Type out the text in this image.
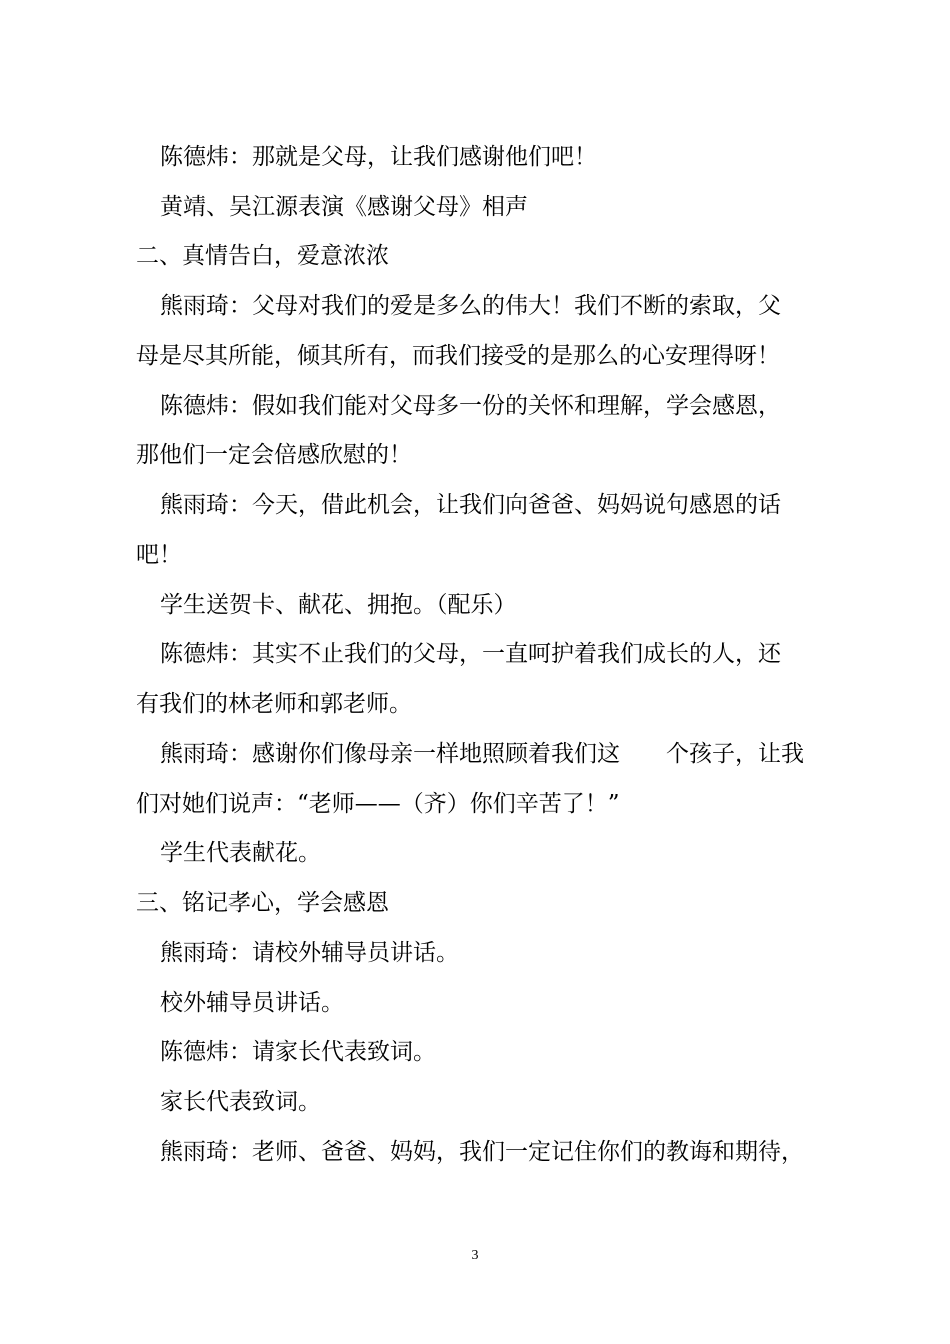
陈德炜：那就是父母，让我们感谢他们吧！
黄靖、吴江源表演《感谢父母》相声
二、真情告白，爱意浓浓
熊雨琦：父母对我们的爱是多么的伟大！我们不断的索取，父
母是尽其所能，倾其所有，而我们接受的是那么的心安理得呀！
陈德炜：假如我们能对父母多一份的关怀和理解，学会感恩，
那他们一定会倍感欣慰的！
熊雨琦：今天，借此机会，让我们向爸爸、妈妈说句感恩的话
吧！
学生送贺卡、献花、拥抱。（配乐）
陈德炜：其实不止我们的父母，一直呵护着我们成长的人，还
有我们的林老师和郭老师。
熊雨琦：感谢你们像母亲一样地照顾着我们这　　个孩子，让我
们对她们说声：“老师——（齐）你们辛苦了！”
学生代表献花。
三、铭记孝心，学会感恩
熊雨琦：请校外辅导员讲话。
校外辅导员讲话。
陈德炜：请家长代表致词。
家长代表致词。
熊雨琦：老师、爸爸、妈妈，我们一定记住你们的教诲和期待，
3
